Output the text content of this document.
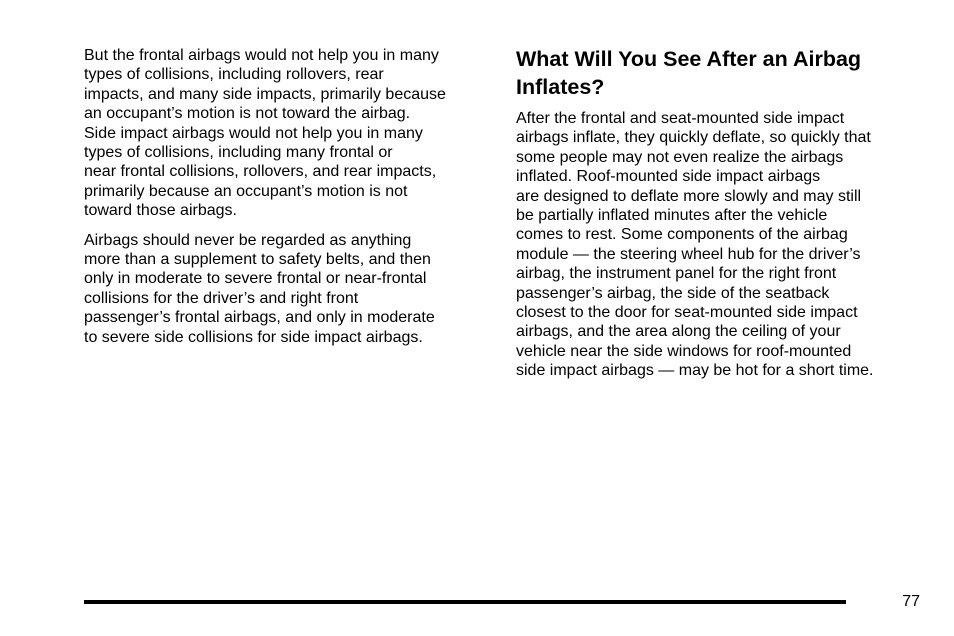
But the frontal airbags would not help you in many
types of collisions, including rollovers, rear
impacts, and many side impacts, primarily because
an occupant’s motion is not toward the airbag.
Side impact airbags would not help you in many
types of collisions, including many frontal or
near frontal collisions, rollovers, and rear impacts,
primarily because an occupant’s motion is not
toward those airbags.

Airbags should never be regarded as anything
more than a supplement to safety belts, and then
only in moderate to severe frontal or near-frontal
collisions for the driver’s and right front
passenger’s frontal airbags, and only in moderate
to severe side collisions for side impact airbags.

What Will You See After an Airbag
Inflates?

After the frontal and seat-mounted side impact
airbags inflate, they quickly deflate, so quickly that
some people may not even realize the airbags
inflated. Roof-mounted side impact airbags
are designed to deflate more slowly and may still
be partially inflated minutes after the vehicle
comes to rest. Some components of the airbag
module — the steering wheel hub for the driver’s
airbag, the instrument panel for the right front
passenger’s airbag, the side of the seatback
closest to the door for seat-mounted side impact
airbags, and the area along the ceiling of your
vehicle near the side windows for roof-mounted
side impact airbags — may be hot for a short time.

77
